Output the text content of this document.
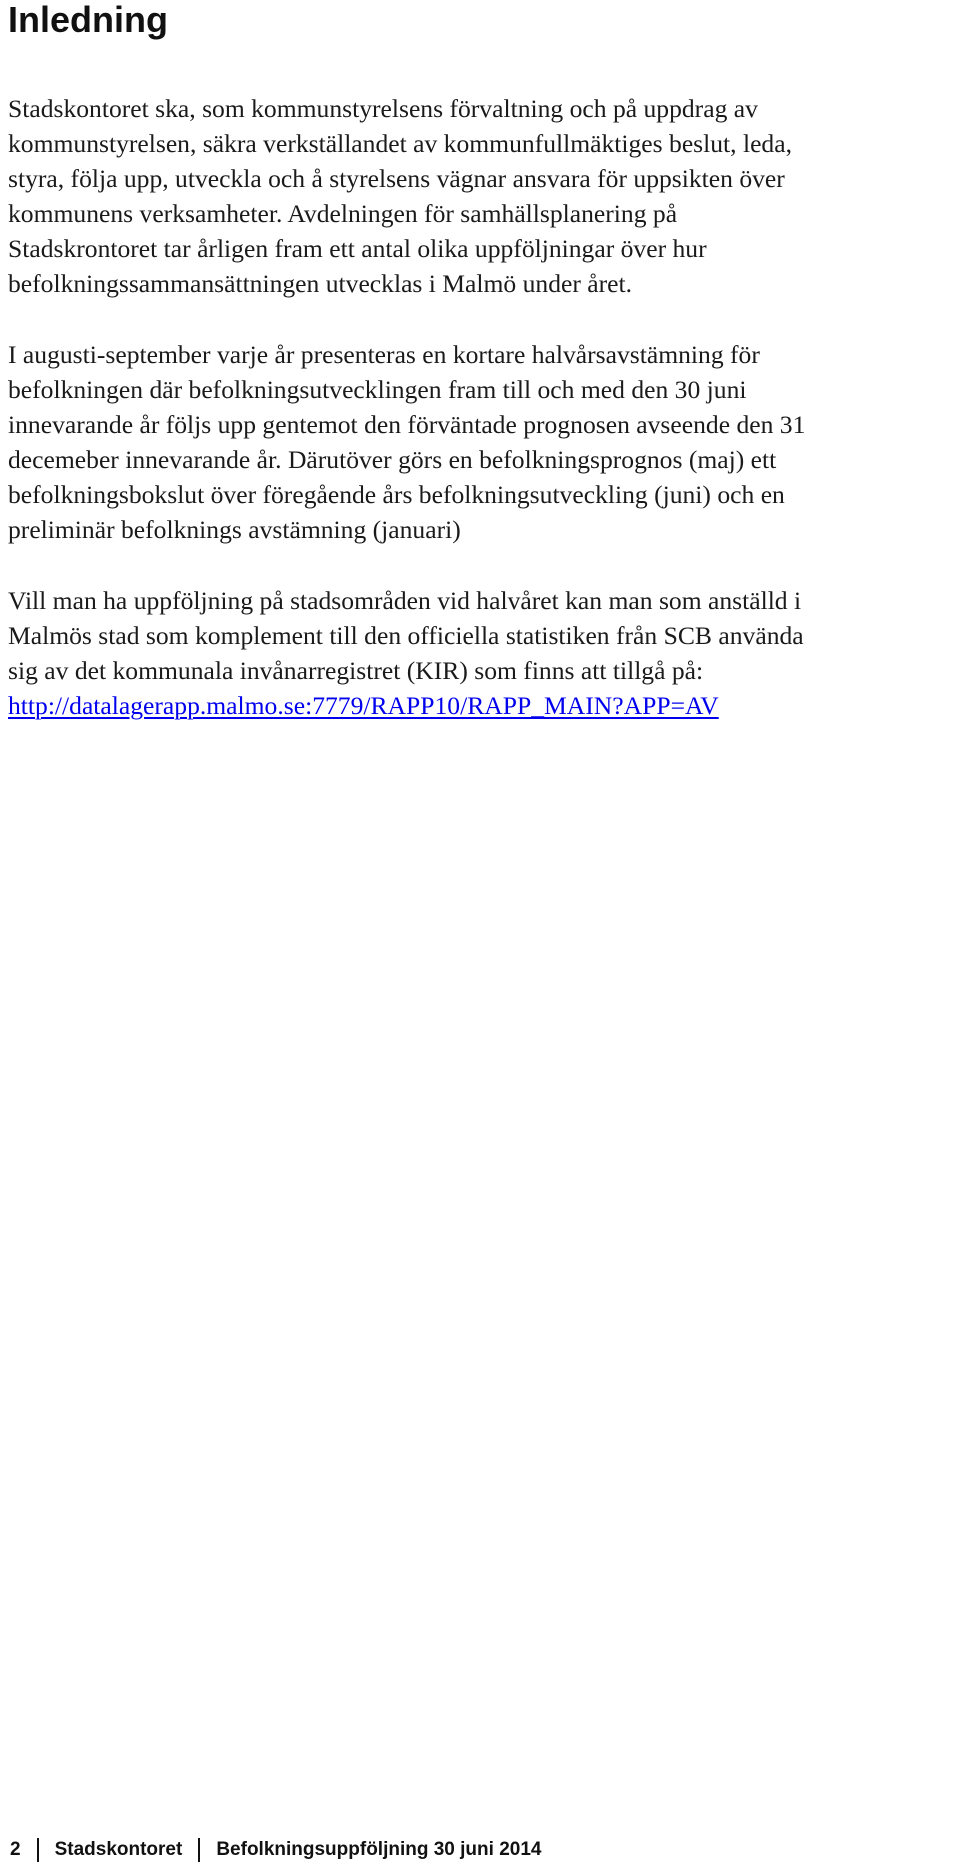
Inledning
Stadskontoret ska, som kommunstyrelsens förvaltning och på uppdrag av
kommunstyrelsen, säkra verkställandet av kommunfullmäktiges beslut, leda,
styra, följa upp, utveckla och å styrelsens vägnar ansvara för uppsikten över
kommunens verksamheter. Avdelningen för samhällsplanering på
Stadskrontoret tar årligen fram ett antal olika uppföljningar över hur
befolkningssammansättningen utvecklas i Malmö under året.
I augusti-september varje år presenteras en kortare halvårsavstämning för
befolkningen där befolkningsutvecklingen fram till och med den 30 juni
innevarande år följs upp gentemot den förväntade prognosen avseende den 31
decemeber innevarande år. Därutöver görs en befolkningsprognos (maj) ett
befolkningsbokslut över föregående års befolkningsutveckling (juni) och en
preliminär befolknings avstämning (januari)
Vill man ha uppföljning på stadsområden vid halvåret kan man som anställd i
Malmös stad som komplement till den officiella statistiken från SCB använda
sig av det kommunala invånarregistret (KIR) som finns att tillgå på:
http://datalagerapp.malmo.se:7779/RAPP10/RAPP_MAIN?APP=AV
2 Stadskontoret Befolkningsuppföljning 30 juni 2014
